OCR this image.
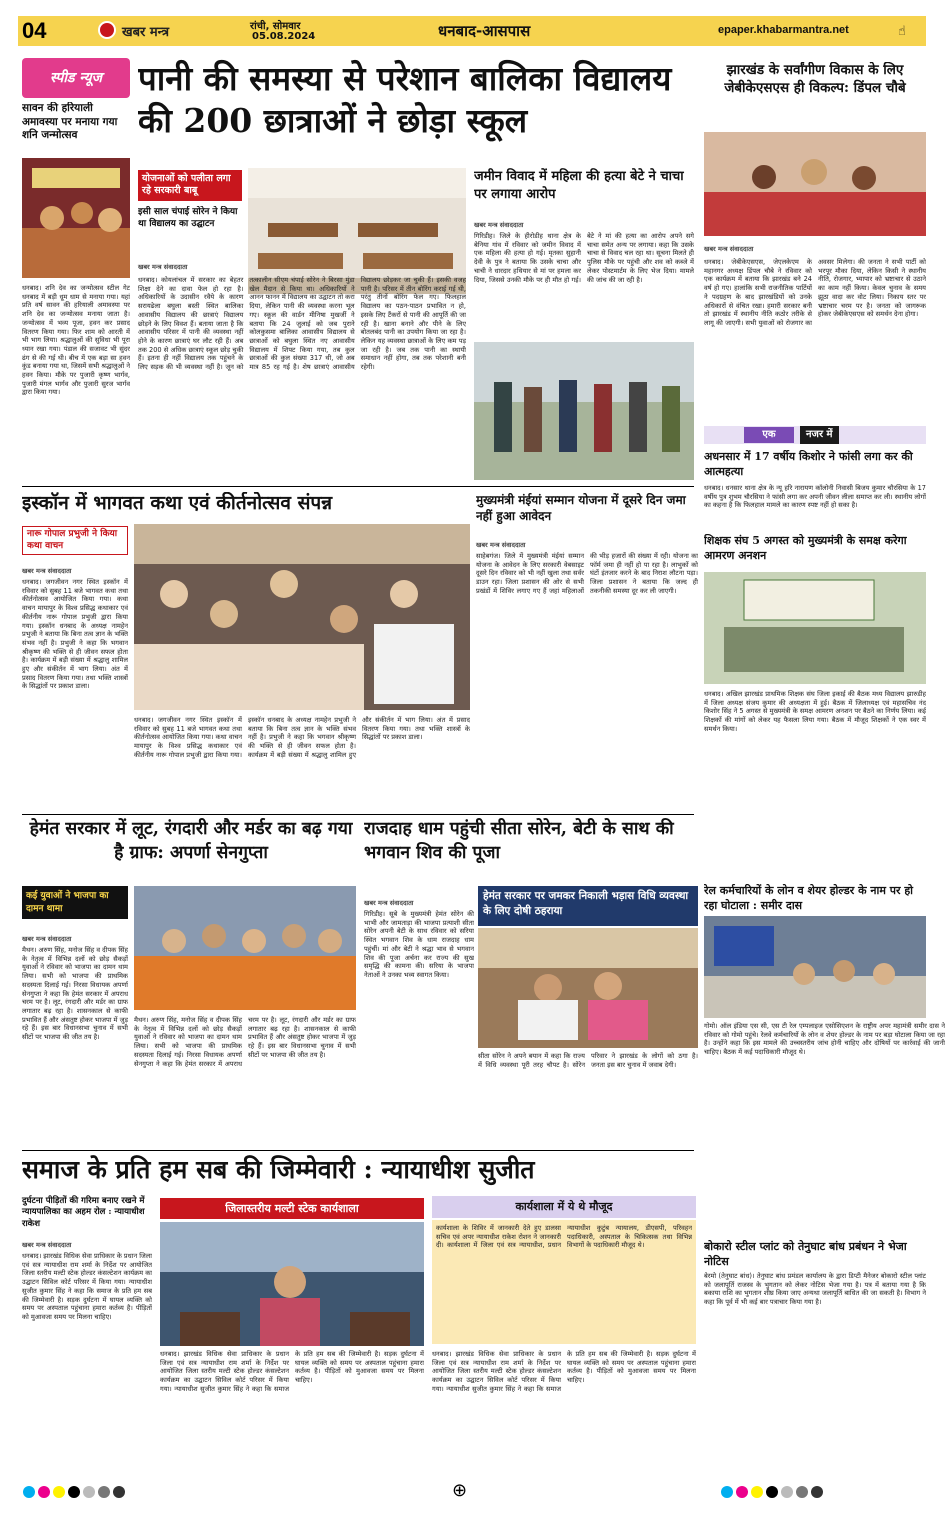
04	खबर मन्त्र	रांची, सोमवार
05.08.2024	धनबाद-आसपास	epaper.khabarmantra.net	☝
स्पीड न्यूज
सावन की हरियाली अमावस्या पर मनाया गया शनि जन्मोत्सव
धनबाद। शनि देव का जन्मोत्सव स्टील गेट धनबाद में बड़ी धूम धाम से मनाया गया। यहां प्रति वर्ष सावन की हरियाली अमावस्या पर शनि देव का जन्मोत्सव मनाया जाता है। जन्मोत्सव में भव्य पूजा, हवन कर प्रसाद वितरण किया गया। फिर शाम को आरती में भी भाग लिया। श्रद्धालुओं की सुविधा भी पूरा ध्यान रखा गया। पंडाल की सजावट भी सुंदर ढंग से की गई थी। बीच में एक बड़ा सा हवन कुंड बनाया गया था, जिसमें सभी श्रद्धालुओं ने हवन किया। मौके पर पुजारी कृष्ण भार्गव, पुजारी मंगल भार्गव और पुजारी सुरज भार्गव द्वारा किया गया।
पानी की समस्या से परेशान बालिका विद्यालय की 200 छात्राओं ने छोड़ा स्कूल
योजनाओं को पलीता लगा रहे सरकारी बाबू
इसी साल चंपाई सोरेन ने किया था विद्यालय का उद्घाटन
खबर मन्त्र संवाददाता
धनबाद। कोयलांचल में सरकार का बेहतर शिक्षा देने का दावा फेल हो रहा है। अधिकारियों के उदासीन रवैये के कारण सरायढेला बघुला बस्ती स्थित बालिका आवासीय विद्यालय की छात्राएं विद्यालय छोड़ने के लिए विवश हैं। बताया जाता है कि आवासीय परिसर में पानी की व्यवस्था नहीं होने के कारण छात्राएं घर लौट रही हैं। अब तक 200 से अधिक छात्राएं स्कूल छोड़ चुकी हैं। इतना ही नहीं विद्यालय तक पहुंचने के लिए सड़क की भी व्यवस्था नहीं है। जून को तत्कालीन सीएम चंपाई सोरेन ने बिरसा मुंडा खेल मैदान से किया था। अधिकारियों ने आनन फानन में विद्यालय का उद्घाटन तो करा दिया, लेकिन पानी की व्यवस्था करना भूल गए। स्कूल की वार्डन मीनिषा मुखर्जी ने बताया कि 24 जुलाई को जब पुराने कोलकुसमा बालिका आवासीय विद्यालय से छात्राओं को बघुला स्थित नए आवासीय विद्यालय में शिफ्ट किया गया, तब कुल छात्राओं की कुल संख्या 317 थी, जो अब मात्र 85 रह गई है। शेष छात्राएं आवासीय विद्यालय छोड़कर जा चुकी हैं। इसकी वजह पानी है। परिसर में तीन बोरिंग कराई गई थी, परंतु तीनों बोरिंग फेल गए। फिलहाल विद्यालय का पठन-पाठन प्रभावित न हो, इसके लिए टैंकरों से पानी की आपूर्ति की जा रही है। खाना बनाने और पीने के लिए बोतलबंद पानी का उपयोग किया जा रहा है। लेकिन यह व्यवस्था छात्राओं के लिए कम पड़ जा रही है। जब तक पानी का स्थायी समाधान नहीं होगा, तब तक परेशानी बनी रहेगी।
जमीन विवाद में महिला की हत्या बेटे ने चाचा पर लगाया आरोप
खबर मन्त्र संवाददाता
गिरिडीह। जिले के हीरोडीह थाना क्षेत्र के बेनिया गांव में रविवार को जमीन विवाद में एक महिला की हत्या हो गई। मृतका सुहानी देवी के पुत्र ने बताया कि उसके चाचा और चाची ने धारदार हथियार से मां पर हमला कर दिया, जिससे उनकी मौके पर ही मौत हो गई। बेटे ने मां की हत्या का आरोप अपने सगे चाचा समेत अन्य पर लगाया। कहा कि उसके चाचा से विवाद चल रहा था। सूचना मिलते ही पुलिस मौके पर पहुंची और शव को कब्जे में लेकर पोस्टमार्टम के लिए भेज दिया। मामले की जांच की जा रही है।
झारखंड के सर्वांगीण विकास के लिए जेबीकेएसएस ही विकल्प: डिंपल चौबे
खबर मन्त्र संवाददाता
धनबाद। जेबीकेएसएस, जेएलकेएम के महानगर अध्यक्ष डिंपल चौबे ने रविवार को एक कार्यक्रम में बताया कि झारखंड बने 24 वर्ष हो गए। हालांकि सभी राजनीतिक पार्टियों ने पदग्रहण के बाद झारखंडियों को उनके अधिकारों से वंचित रखा। हमारी सरकार बनी तो झारखंड में स्थानीय नीति कठोर तरीके से लागू की जाएगी। सभी युवाओं को रोजगार का अवसर मिलेगा। की जनता ने सभी पार्टी को भरपूर मौका दिया, लेकिन किसी ने स्थानीय नीति, रोजगार, भ्यापार को भ्रष्टाचार से उठाने का काम नहीं किया। केवल चुनाव के समय झूठा वादा कर वोट लिया। निकाय स्तर पर भ्रष्टाचार चरम पर है। जनता को जागरूक होकर जेबीकेएसएस को समर्थन देना होगा।
एक	नजर में
अधनसार में 17 वर्षीय किशोर ने फांसी लगा कर की आत्महत्या
धनबाद। धनसार थाना क्षेत्र के न्यू हरि नारायण कॉलोनी निवासी बिजय कुमार चौरसिया के 17 वर्षीय पुत्र शुभम चौरसिया ने फांसी लगा कर अपनी जीवन लीला समाप्त कर ली। स्थानीय लोगों का कहना है कि फिलहाल मामले का कारण स्पष्ट नहीं हो सका है।
शिक्षक संघ 5 अगस्त को मुख्यमंत्री के समक्ष करेगा आमरण अनशन
धनबाद। अखिल झारखंड प्राथमिक शिक्षक संघ जिला इकाई की बैठक मध्य विद्यालय झारुडीह में जिला अध्यक्ष संजय कुमार की अध्यक्षता में हुई। बैठक में जिलाध्यक्ष एवं महासचिव नंद किशोर सिंह ने 5 अगस्त से मुख्यमंत्री के समक्ष आमरण अनशन पर बैठने का निर्णय लिया। कई शिक्षकों की मांगों को लेकर यह फैसला लिया गया। बैठक में मौजूद शिक्षकों ने एक स्वर में समर्थन किया।
इस्कॉन में भागवत कथा एवं कीर्तनोत्सव संपन्न
नारू गोपाल प्रभुजी ने किया कथा वाचन
खबर मन्त्र संवाददाता
धनबाद। जगजीवन नगर स्थित इस्कॉन में रविवार को सुबह 11 बजे भागवत कथा तथा कीर्तनोत्सव आयोजित किया गया। कथा वाचन मायापुर के विश्व प्रसिद्ध कथाकार एवं कीर्तनीय नारू गोपाल प्रभुजी द्वारा किया गया। इस्कॉन धनबाद के अध्यक्ष नामहेन प्रभुजी ने बताया कि बिना तत्व ज्ञान के भक्ति संभव नहीं है। प्रभुजी ने कहा कि भगवान श्रीकृष्ण की भक्ति से ही जीवन सफल होता है। कार्यक्रम में बड़ी संख्या में श्रद्धालु शामिल हुए और संकीर्तन में भाग लिया। अंत में प्रसाद वितरण किया गया। तथा भक्ति शास्त्रों के सिद्धांतों पर प्रकाश डाला।
धनबाद। जगजीवन नगर स्थित इस्कॉन में रविवार को सुबह 11 बजे भागवत कथा तथा कीर्तनोत्सव आयोजित किया गया। कथा वाचन मायापुर के विश्व प्रसिद्ध कथाकार एवं कीर्तनीय नारू गोपाल प्रभुजी द्वारा किया गया। इस्कॉन धनबाद के अध्यक्ष नामहेन प्रभुजी ने बताया कि बिना तत्व ज्ञान के भक्ति संभव नहीं है। प्रभुजी ने कहा कि भगवान श्रीकृष्ण की भक्ति से ही जीवन सफल होता है। कार्यक्रम में बड़ी संख्या में श्रद्धालु शामिल हुए और संकीर्तन में भाग लिया। अंत में प्रसाद वितरण किया गया। तथा भक्ति शास्त्रों के सिद्धांतों पर प्रकाश डाला।
मुख्यमंत्री मंईयां सम्मान योजना में दूसरे दिन जमा नहीं हुआ आवेदन
खबर मन्त्र संवाददाता
साहेबगंज। जिले में मुख्यमंत्री मंईयां सम्मान योजना के आवेदन के लिए सरकारी वेबसाइट दूसरे दिन रविवार को भी नहीं खुला तथा सर्वर डाउन रहा। जिला प्रशासन की ओर से सभी प्रखंडों में शिविर लगाए गए हैं जहां महिलाओं की भीड़ हजारों की संख्या में रही। योजना का फॉर्म जमा ही नहीं हो पा रहा है। लाभुकों को घंटों इंतजार करने के बाद निराश लौटना पड़ा। जिला प्रशासन ने बताया कि जल्द ही तकनीकी समस्या दूर कर ली जाएगी।
हेमंत सरकार में लूट, रंगदारी और मर्डर का बढ़ गया है ग्राफ: अपर्णा सेनगुप्ता
कई युवाओं ने भाजपा का दामन थामा
खबर मन्त्र संवाददाता
मैथन। अरुण सिंह, मनोज सिंह व दीपक सिंह के नेतृत्व में विभिन्न दलों को छोड़ सैकड़ों युवाओं ने रविवार को भाजपा का दामन थाम लिया। सभी को भाजपा की प्राथमिक सदस्यता दिलाई गई। निरसा विधायक अपर्णा सेनगुप्ता ने कहा कि हेमंत सरकार में अपराध चरम पर है। लूट, रंगदारी और मर्डर का ग्राफ लगातार बढ़ रहा है। शासनकाल से काफी प्रभावित हैं और अंसतुष्ट होकर भाजपा में जुड़ रहे हैं। इस बार विधानसभा चुनाव में सभी सीटों पर भाजपा की जीत तय है।
मैथन। अरुण सिंह, मनोज सिंह व दीपक सिंह के नेतृत्व में विभिन्न दलों को छोड़ सैकड़ों युवाओं ने रविवार को भाजपा का दामन थाम लिया। सभी को भाजपा की प्राथमिक सदस्यता दिलाई गई। निरसा विधायक अपर्णा सेनगुप्ता ने कहा कि हेमंत सरकार में अपराध चरम पर है। लूट, रंगदारी और मर्डर का ग्राफ लगातार बढ़ रहा है। शासनकाल से काफी प्रभावित हैं और अंसतुष्ट होकर भाजपा में जुड़ रहे हैं। इस बार विधानसभा चुनाव में सभी सीटों पर भाजपा की जीत तय है।
राजदाह धाम पहुंची सीता सोरेन, बेटी के साथ की भगवान शिव की पूजा
खबर मन्त्र संवाददाता
गिरिडीह। सूबे के मुख्यमंत्री हेमंत सोरेन की भाभी और जामताड़ा की भाजपा प्रत्याशी सीता सोरेन अपनी बेटी के साथ रविवार को सरिया स्थित भगवान शिव के धाम राजदाह धाम पहुंचीं। मां और बेटी ने श्रद्धा भाव से भगवान शिव की पूजा अर्चना कर राज्य की सुख समृद्धि की कामना की। सरिया के भाजपा नेताओं ने उनका भव्य स्वागत किया।
हेमंत सरकार पर जमकर निकाली भड़ास विधि व्यवस्था के लिए दोषी ठहराया
सीता सोरेन ने अपने बयान में कहा कि राज्य में विधि व्यवस्था पूरी तरह चौपट है। सोरेन परिवार ने झारखंड के लोगों को ठगा है। जनता इस बार चुनाव में जवाब देगी।
रेल कर्मचारियों के लोन व शेयर होल्डर के नाम पर हो रहा घोटाला : समीर दास
गोमो। ऑल इंडिया एस सी, एस टी रेल एम्पलाइज एसोसिएशन के राष्ट्रीय अपर महामंत्री समीर दास ने रविवार को गोमो पहुंचे। रेलवे कर्मचारियों के लोन व शेयर होल्डर के नाम पर बड़ा घोटाला किया जा रहा है। उन्होंने कहा कि इस मामले की उच्चस्तरीय जांच होनी चाहिए और दोषियों पर कार्रवाई की जानी चाहिए। बैठक में कई पदाधिकारी मौजूद थे।
बोकारो स्टील प्लांट को तेनुघाट बांध प्रबंधन ने भेजा नोटिस
बेरमो (तेनुघाट बांध)। तेनुघाट बांध प्रमंडल कार्यालय के द्वारा डिप्टी मैनेजर बोकारो स्टील प्लांट को जलापूर्ति राजस्व के भुगतान को लेकर नोटिस भेजा गया है। पत्र में बताया गया है कि बकाया राशि का भुगतान शीघ्र किया जाए अन्यथा जलापूर्ति बाधित की जा सकती है। विभाग ने कहा कि पूर्व में भी कई बार पत्राचार किया गया है।
समाज के प्रति हम सब की जिम्मेवारी : न्यायाधीश सुजीत
दुर्घटना पीड़ितों की गरिमा बनाए रखने में न्यायपालिका का अहम रोल : न्यायाधीश राकेश
जिलास्तरीय मल्टी स्टेक कार्यशाला	कार्यशाला में ये थे मौजूद
खबर मन्त्र संवाददाता
धनबाद। झारखंड विधिक सेवा प्राधिकार के प्रधान जिला एवं सत्र न्यायाधीश राम शर्मा के निर्देश पर आयोजित जिला स्तरीय मल्टी स्टेक होल्डर कंसल्टेशन कार्यक्रम का उद्घाटन सिविल कोर्ट परिसर में किया गया। न्यायाधीश सुजीत कुमार सिंह ने कहा कि समाज के प्रति हम सब की जिम्मेवारी है। सड़क दुर्घटना में घायल व्यक्ति को समय पर अस्पताल पहुंचाना हमारा कर्तव्य है। पीड़ितों को मुआवजा समय पर मिलना चाहिए।
धनबाद। झारखंड विधिक सेवा प्राधिकार के प्रधान जिला एवं सत्र न्यायाधीश राम शर्मा के निर्देश पर आयोजित जिला स्तरीय मल्टी स्टेक होल्डर कंसल्टेशन कार्यक्रम का उद्घाटन सिविल कोर्ट परिसर में किया गया। न्यायाधीश सुजीत कुमार सिंह ने कहा कि समाज के प्रति हम सब की जिम्मेवारी है। सड़क दुर्घटना में घायल व्यक्ति को समय पर अस्पताल पहुंचाना हमारा कर्तव्य है। पीड़ितों को मुआवजा समय पर मिलना चाहिए।
कार्यशाला के शिविर में जानकारी देते हुए डालसा सचिव एवं अपर न्यायाधीश राकेश रोशन ने जानकारी दी। कार्यशाला में जिला एवं सत्र न्यायाधीश, प्रधान न्यायाधीश कुटुंब न्यायालय, डीएसपी, परिवहन पदाधिकारी, अस्पताल के चिकित्सक तथा विभिन्न विभागों के पदाधिकारी मौजूद थे।
धनबाद। झारखंड विधिक सेवा प्राधिकार के प्रधान जिला एवं सत्र न्यायाधीश राम शर्मा के निर्देश पर आयोजित जिला स्तरीय मल्टी स्टेक होल्डर कंसल्टेशन कार्यक्रम का उद्घाटन सिविल कोर्ट परिसर में किया गया। न्यायाधीश सुजीत कुमार सिंह ने कहा कि समाज के प्रति हम सब की जिम्मेवारी है। सड़क दुर्घटना में घायल व्यक्ति को समय पर अस्पताल पहुंचाना हमारा कर्तव्य है। पीड़ितों को मुआवजा समय पर मिलना चाहिए।
⊕
